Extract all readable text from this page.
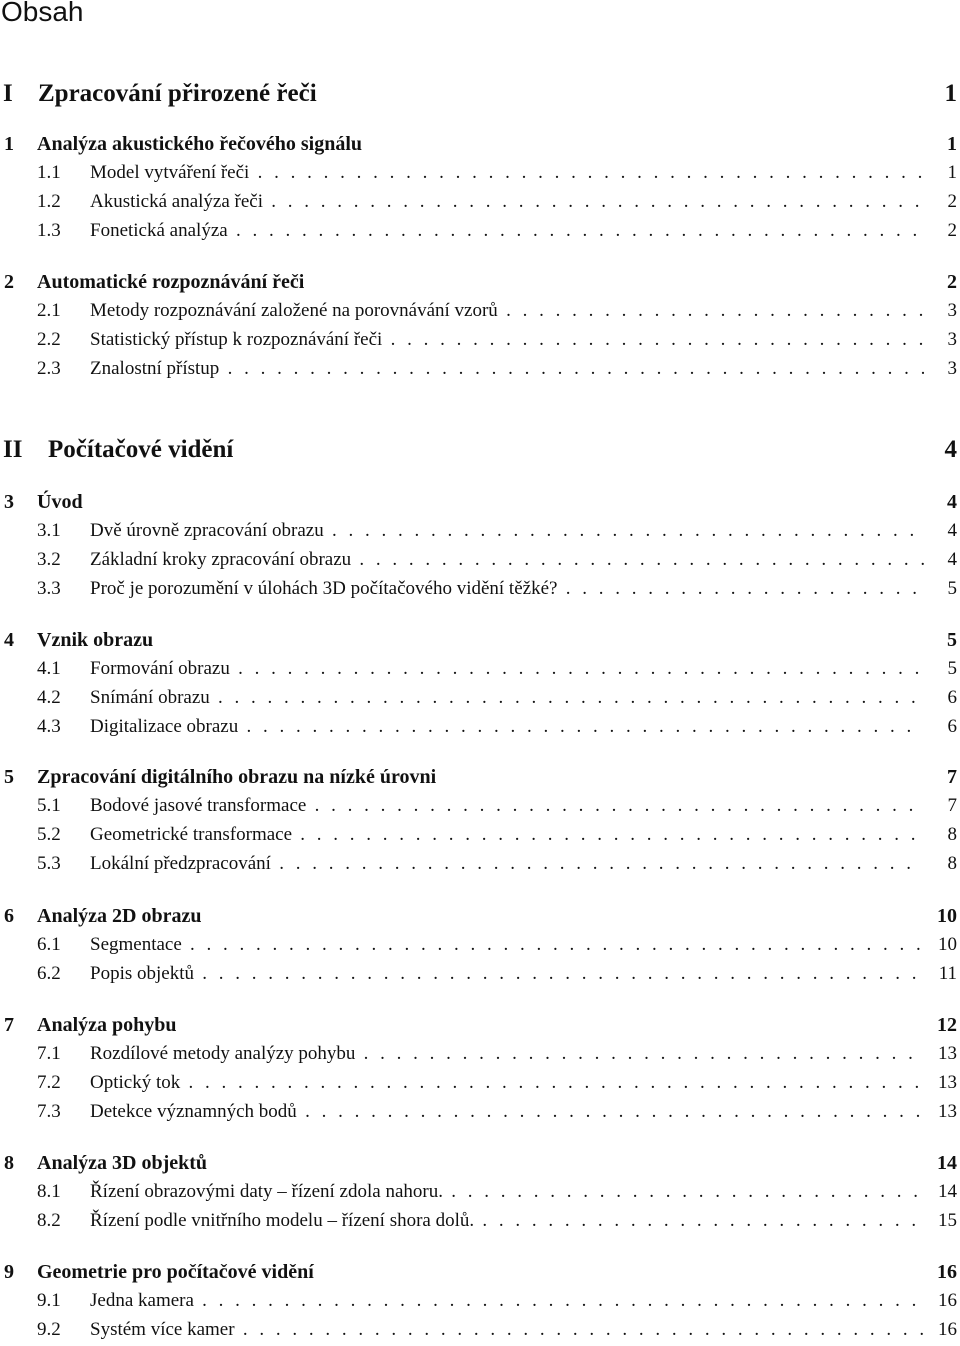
Obsah
I Zpracování přirozené řeči	1
1 Analýza akustického řečového signálu	1
1.1 Model vytváření řeči . . .	1
1.2 Akustická analýza řeči . . .	2
1.3 Fonetická analýza . . .	2
2 Automatické rozpoznávání řeči	2
2.1 Metody rozpoznávání založené na porovnávání vzorů . . .	3
2.2 Statistický přístup k rozpoznávání řeči . . .	3
2.3 Znalostní přístup . . .	3
II Počítačové vidění	4
3 Úvod	4
3.1 Dvě úrovně zpracování obrazu . . .	4
3.2 Základní kroky zpracování obrazu . . .	4
3.3 Proč je porozumění v úlohách 3D počítačového vidění těžké? . . .	5
4 Vznik obrazu	5
4.1 Formování obrazu . . .	5
4.2 Snímání obrazu . . .	6
4.3 Digitalizace obrazu . . .	6
5 Zpracování digitálního obrazu na nízké úrovni	7
5.1 Bodové jasové transformace . . .	7
5.2 Geometrické transformace . . .	8
5.3 Lokální předzpracování . . .	8
6 Analýza 2D obrazu	10
6.1 Segmentace . . .	10
6.2 Popis objektů . . .	11
7 Analýza pohybu	12
7.1 Rozdílové metody analýzy pohybu . . .	13
7.2 Optický tok . . .	13
7.3 Detekce významných bodů . . .	13
8 Analýza 3D objektů	14
8.1 Řízení obrazovými daty – řízení zdola nahoru. . . .	14
8.2 Řízení podle vnitřního modelu – řízení shora dolů. . . .	15
9 Geometrie pro počítačové vidění	16
9.1 Jedna kamera . . .	16
9.2 Systém více kamer . . .	16
